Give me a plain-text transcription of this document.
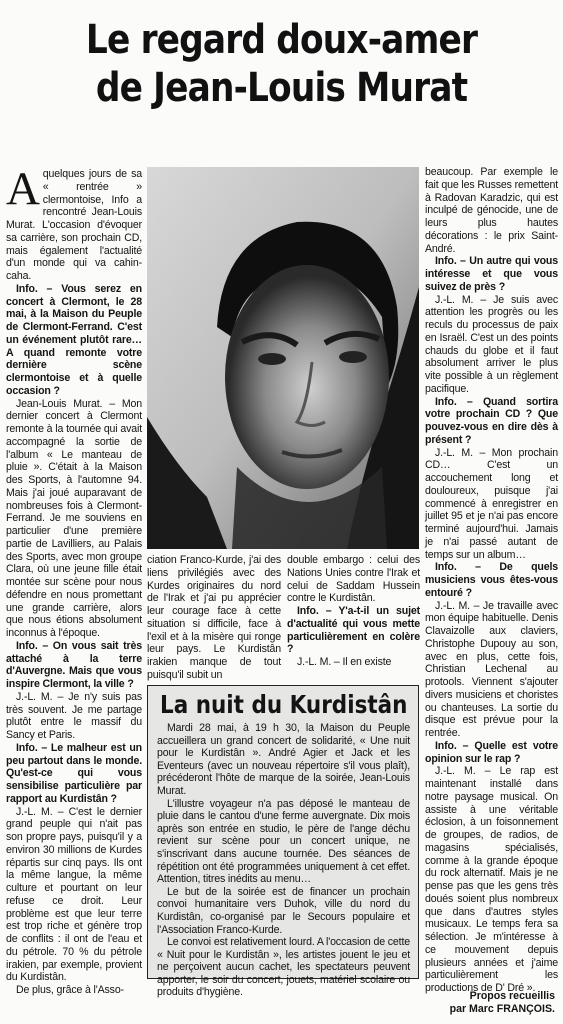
Le regard doux-amer
de Jean-Louis Murat

Aquelques jours de sa « rentrée » clermontoise, Info a rencontré Jean-Louis Murat. L'occasion d'évoquer sa carrière, son prochain CD, mais également l'actualité d'un monde qui va cahin-caha.

Info. – Vous serez en concert à Clermont, le 28 mai, à la Maison du Peuple de Clermont-Ferrand. C'est un événement plutôt rare… A quand remonte votre dernière scène clermontoise et à quelle occasion ?

Jean-Louis Murat. – Mon dernier concert à Clermont remonte à la tournée qui avait accompagné la sortie de l'album « Le manteau de pluie ». C'était à la Maison des Sports, à l'automne 94. Mais j'ai joué auparavant de nombreuses fois à Clermont-Ferrand. Je me souviens en particulier d'une première partie de Lavilliers, au Palais des Sports, avec mon groupe Clara, où une jeune fille était montée sur scène pour nous défendre en nous promettant une grande carrière, alors que nous étions absolument inconnus à l'époque.

Info. – On vous sait très attaché à la terre d'Auvergne. Mais que vous inspire Clermont, la ville ?

J.-L. M. – Je n'y suis pas très souvent. Je me partage plutôt entre le massif du Sancy et Paris.

Info. – Le malheur est un peu partout dans le monde. Qu'est-ce qui vous sensibilise particulière par rapport au Kurdistân ?

J.-L. M. – C'est le dernier grand peuple qui n'ait pas son propre pays, puisqu'il y a environ 30 millions de Kurdes répartis sur cinq pays. Ils ont la même langue, la même culture et pourtant on leur refuse ce droit. Leur problème est que leur terre est trop riche et génère trop de conflits : il ont de l'eau et du pétrole. 70 % du pétrole irakien, par exemple, provient du Kurdistân.

De plus, grâce à l'Asso-

ciation Franco-Kurde, j'ai des liens privilégiés avec des Kurdes originaires du nord de l'Irak et j'ai pu apprécier leur courage face à cette situation si difficile, face à l'exil et à la misère qui ronge leur pays. Le Kurdistân irakien manque de tout puisqu'il subit un

double embargo : celui des Nations Unies contre l'Irak et celui de Saddam Hussein contre le Kurdistân.

Info. – Y'a-t-il un sujet d'actualité qui vous mette particulièrement en colère ?

J.-L. M. – Il en existe

La nuit du Kurdistân

Mardi 28 mai, à 19 h 30, la Maison du Peuple accueillera un grand concert de solidarité, « Une nuit pour le Kurdistân ». André Agier et Jack et les Eventeurs (avec un nouveau répertoire s'il vous plaît), précéderont l'hôte de marque de la soirée, Jean-Louis Murat.

L'illustre voyageur n'a pas déposé le manteau de pluie dans le cantou d'une ferme auvergnate. Dix mois après son entrée en studio, le père de l'ange déchu revient sur scène pour un concert unique, ne s'inscrivant dans aucune tournée. Des séances de répétition ont été programmées uniquement à cet effet. Attention, titres inédits au menu…

Le but de la soirée est de financer un prochain convoi humanitaire vers Duhok, ville du nord du Kurdistân, co-organisé par le Secours populaire et l'Association Franco-Kurde.

Le convoi est relativement lourd. A l'occasion de cette « Nuit pour le Kurdistân », les artistes jouent le jeu et ne perçoivent aucun cachet, les spectateurs peuvent apporter, le soir du concert, jouets, matériel scolaire ou produits d'hygiène.

beaucoup. Par exemple le fait que les Russes remettent à Radovan Karadzic, qui est inculpé de génocide, une de leurs plus hautes décorations : le prix Saint-André.

Info. – Un autre qui vous intéresse et que vous suivez de près ?

J.-L. M. – Je suis avec attention les progrès ou les reculs du processus de paix en Israël. C'est un des points chauds du globe et il faut absolument arriver le plus vite possible à un règlement pacifique.

Info. – Quand sortira votre prochain CD ? Que pouvez-vous en dire dès à présent ?

J.-L. M. – Mon prochain CD… C'est un accouchement long et douloureux, puisque j'ai commencé à enregistrer en juillet 95 et je n'ai pas encore terminé aujourd'hui. Jamais je n'ai passé autant de temps sur un album…

Info. – De quels musiciens vous êtes-vous entouré ?

J.-L. M. – Je travaille avec mon équipe habituelle. Denis Clavaizolle aux claviers, Christophe Dupouy au son, avec en plus, cette fois, Christian Lechenal au protools. Viennent s'ajouter divers musiciens et choristes ou chanteuses. La sortie du disque est prévue pour la rentrée.

Info. – Quelle est votre opinion sur le rap ?

J.-L. M. – Le rap est maintenant installé dans notre paysage musical. On assiste à une véritable éclosion, à un foisonnement de groupes, de radios, de magasins spécialisés, comme à la grande époque du rock alternatif. Mais je ne pense pas que les gens très doués soient plus nombreux que dans d'autres styles musicaux. Le temps fera sa sélection. Je m'intéresse à ce mouvement depuis plusieurs années et j'aime particulièrement les productions de D' Dré ».

Propos recueillis
par Marc FRANÇOIS.
